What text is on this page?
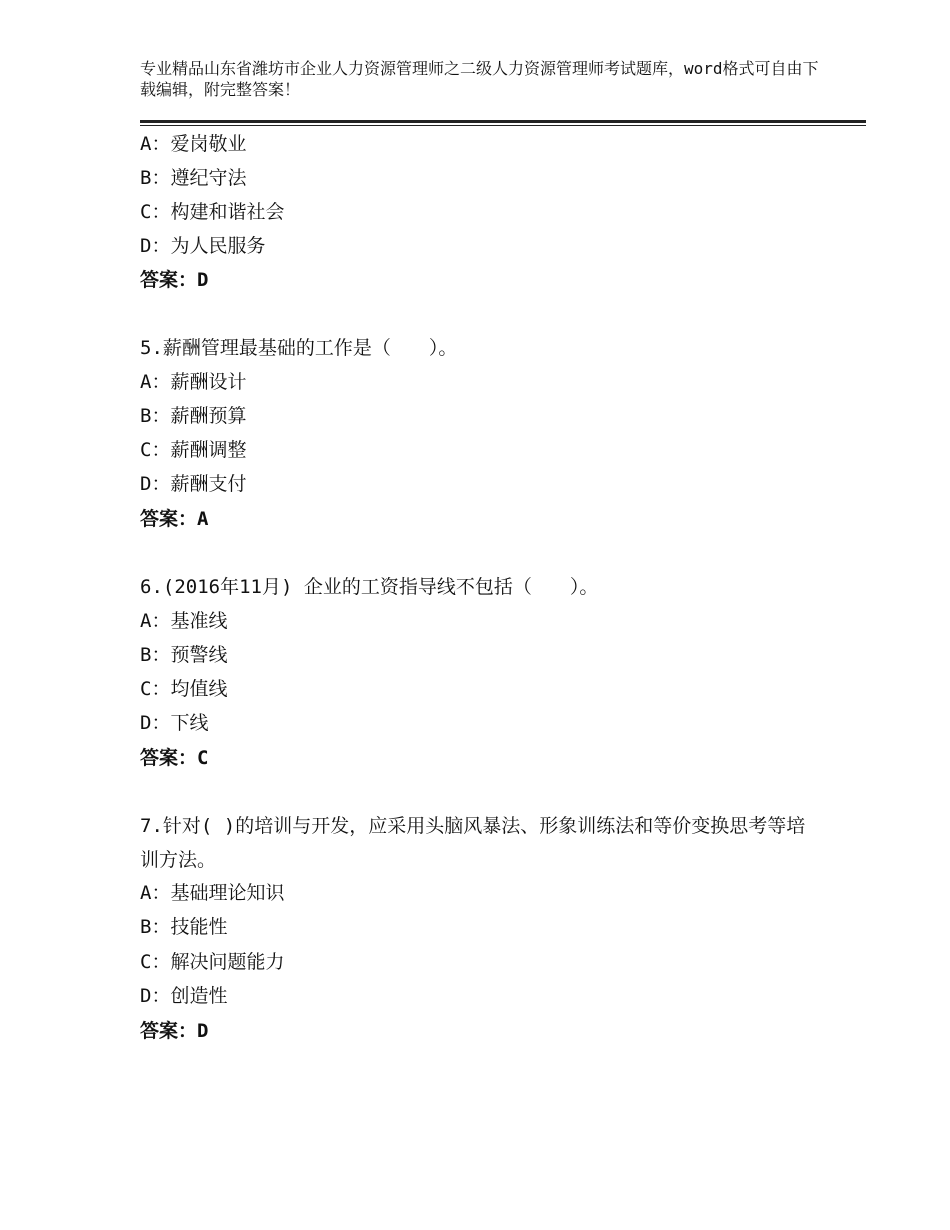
专业精品山东省潍坊市企业人力资源管理师之二级人力资源管理师考试题库，word格式可自由下载编辑，附完整答案！
A：爱岗敬业
B：遵纪守法
C：构建和谐社会
D：为人民服务
答案：D
5.薪酬管理最基础的工作是（　　）。
A：薪酬设计
B：薪酬预算
C：薪酬调整
D：薪酬支付
答案：A
6.(2016年11月) 企业的工资指导线不包括（　　）。
A：基准线
B：预警线
C：均值线
D：下线
答案：C
7.针对( )的培训与开发，应采用头脑风暴法、形象训练法和等价变换思考等培训方法。
A：基础理论知识
B：技能性
C：解决问题能力
D：创造性
答案：D
